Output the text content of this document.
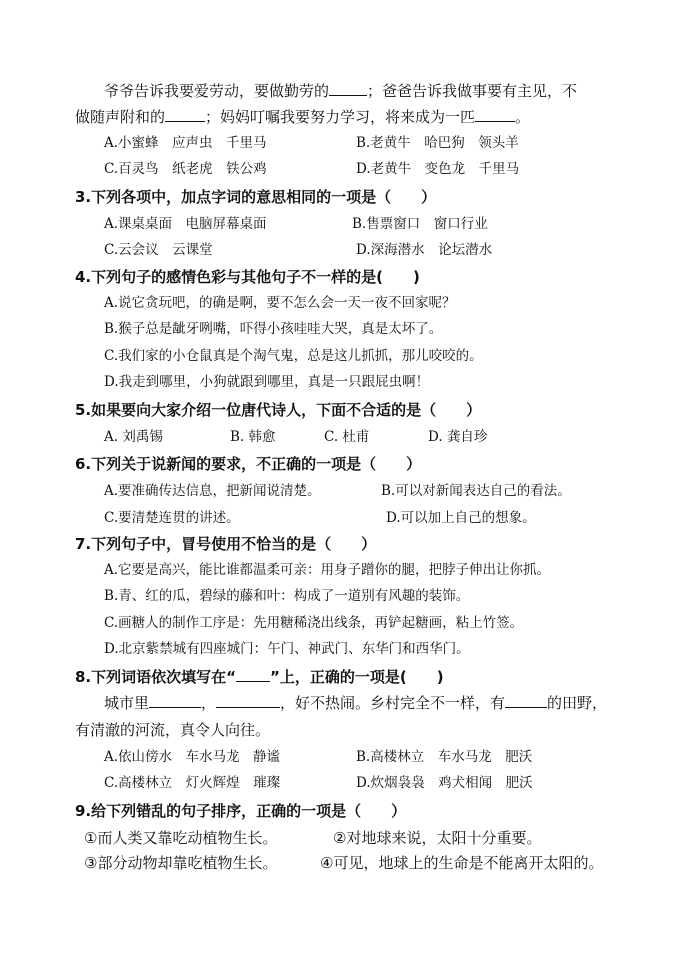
爷爷告诉我要爱劳动，要做勤劳的	；爸爸告诉我做事要有主见，不
做随声附和的	；妈妈叮嘱我要努力学习，将来成为一匹	。
A.小蜜蜂　应声虫　千里马	B.老黄牛　哈巴狗　领头羊
C.百灵鸟　纸老虎　铁公鸡	D.老黄牛　变色龙　千里马
3.下列各项中，加点字词的意思相同的一项是（　　）
A.课桌桌面　电脑屏幕桌面	B.售票窗口　窗口行业
C.云会议　云课堂	D.深海潜水　论坛潜水
4.下列句子的感情色彩与其他句子不一样的是(　　)
A.说它贪玩吧，的确是啊，要不怎么会一天一夜不回家呢？
B.猴子总是龇牙咧嘴，吓得小孩哇哇大哭，真是太坏了。
C.我们家的小仓鼠真是个淘气鬼，总是这儿抓抓，那儿咬咬的。
D.我走到哪里，小狗就跟到哪里，真是一只跟屁虫啊！
5.如果要向大家介绍一位唐代诗人，下面不合适的是（　　）
A. 刘禹锡	B. 韩愈	C. 杜甫	D. 龚自珍
6.下列关于说新闻的要求，不正确的一项是（　　）
A.要准确传达信息，把新闻说清楚。	B.可以对新闻表达自己的看法。
C.要清楚连贯的讲述。	D.可以加上自己的想象。
7.下列句子中，冒号使用不恰当的是（　　）
A.它要是高兴，能比谁都温柔可亲：用身子蹭你的腿，把脖子伸出让你抓。
B.青、红的瓜，碧绿的藤和叶：构成了一道别有风趣的装饰。
C.画糖人的制作工序是：先用糖稀浇出线条，再铲起糖画，粘上竹签。
D.北京紫禁城有四座城门：午门、神武门、东华门和西华门。
8.下列词语依次填写在“ ”上，正确的一项是(　　)
城市里	，	，好不热闹。乡村完全不一样，有	的田野，
有清澈的河流，真令人向往。
A.依山傍水　车水马龙　静谧	B.高楼林立　车水马龙　肥沃
C.高楼林立　灯火辉煌　璀璨	D.炊烟袅袅　鸡犬相闻　肥沃
9.给下列错乱的句子排序，正确的一项是（　　）
①而人类又靠吃动植物生长。	②对地球来说，太阳十分重要。
③部分动物却靠吃植物生长。	④可见，地球上的生命是不能离开太阳的。
